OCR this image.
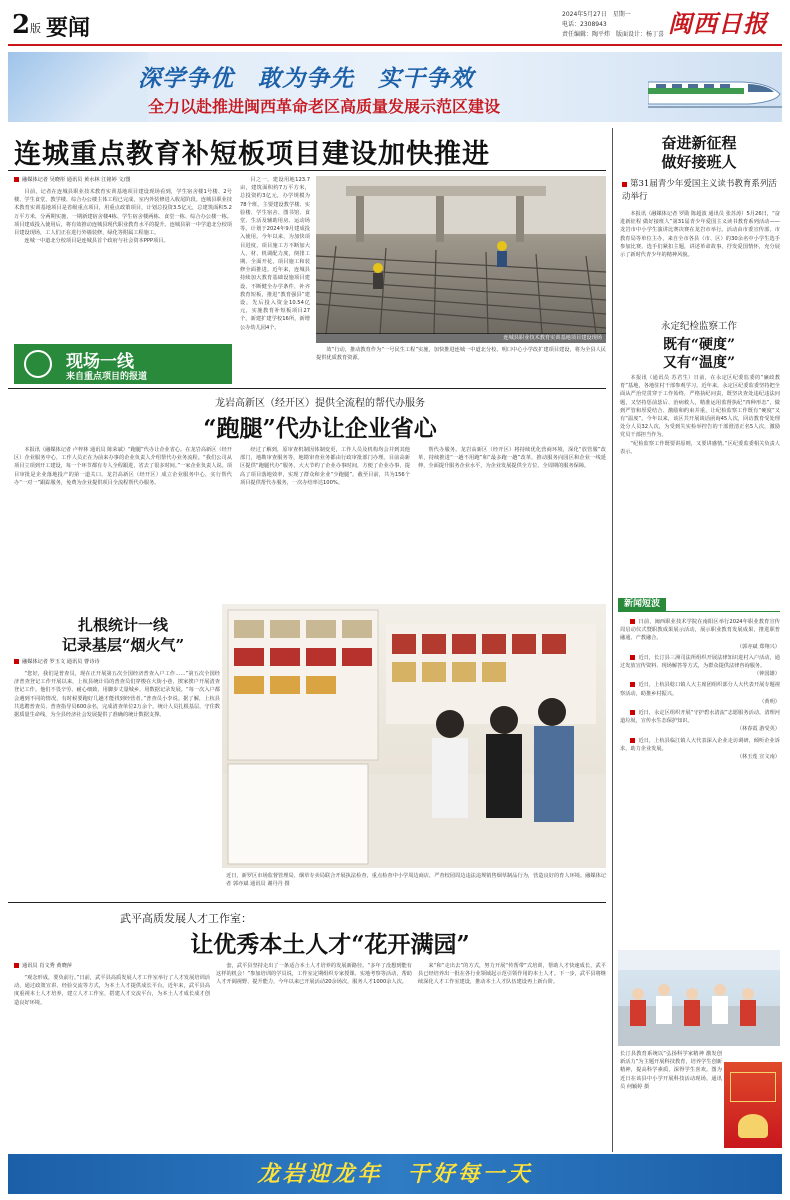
2 版 要闻
2024年5月27日　星期一
电话：2308943
责任编辑：陶平炜　版面设计：杨丁喜 闽西日报
深学争优　敢为争先　实干争效
全力以赴推进闽西革命老区高质量发展示范区建设
连城重点教育补短板项目建设加快推进
融媒体记者 吴晓彤 通讯员 黄水林 江铭婷 文/图

目前，记者在连城县职业技术教育实训基地项目建设现场看到，学生宿舍楼1号楼、2号楼、学生食堂、教学楼、综合办公楼主体工程已完成，室内外装修进入收尾阶段。连城县职业技术教育实训基地项目是省级重点项目，用重点政策项目，计划总投资3.5亿元，总建筑面积5.2万平方米，分两期实施，一期新建宿舍楼4栋、学生宿舍楼两栋、食堂一栋、综合办公楼一栋。项目建成投入使用后，将有效推动连城县现代职业教育水平的提升。连城县第一中学道北分校项目建设现场，工人们正在进行外墙装修，绿化等附属工程施工。

连城一中道北分校项目是连城县首个政府与社会资本PPP项目。

目之一，建设用地123.7亩，建筑面积约7万平方米，总投资约3亿元，办学规模为78个班，主要建设教学楼、实验楼、学生宿舍、图书馆、食堂、生活及辅助用房、运动场等。计划于2024年9月建成投入使用。今年以来，为加快项目进度，项目施工方不断加大人、材、机调配力度，倒排工期、全面开花，项目施工和装修全面推进。近年来，连城县持续加大教育基础设施项目建设，不断健全办学条件，补齐教育短板，推进“教育强县”建设，先后投入资金10.54亿元，实施教育补短板项目27个，新建扩建学校16所，新增公办幼儿园4个。

连城县职业技术教育实训基地项目建设现场

效“行动，推动教育作为“一号民生工程”实施，加快推进连城一中道北分校、明口中心小学改扩建项目建设，将为全县人民提供优质教育资源。

现场一线
来自重点项目的报道
龙岩高新区（经开区）提供全流程的帮代办服务
“跑腿”代办让企业省心

本报讯（融媒体记者 卢梓林 通讯员 陈荣斌）“跑腿”代办让企业省心。在龙岩高新区（经开区）企业服务中心，工作人员正在为前来办事的企业负责人介绍帮代办业务流程。“我们公司从项目立项到开工建设，每一个环节都有专人全程跟进，省去了很多时间。”一家企业负责人说。项目审批是企业落地投产的第一道关口。龙岩高新区（经开区）成立企业服务中心，实行帮代办“一对一”跟踪服务，免费为企业提供项目全流程帮代办服务。

经过了解到，原审查机制因体制变更，工作人员及机构均会并到其他部门，地勘审查服务等，地勘审查业务都由行政审批部门办理。目前高新区提供“跑腿代办”服务，大大节约了企业办事时间，方便了企业办事，提高了项目落地效率，实现了群众和企业“少跑腿”。截至目前，共为156个项目提供帮代办服务，一次办结率达100%。

帮代办服务。龙岩高新区（经开区）将持续优化营商环境，深化“放管服”改革，持续推进“一趟不用跑”和“最多跑一趟”改革，推动服务向园区和企业一线延伸，全面提升服务企业水平，为企业发展提供全方位、全周期的服务保障。

扎根统计一线
记录基层“烟火气”
融媒体记者 罗玉文 通讯员 曹诗诗

“您好，我们是普查员，现在正开展第五次全国经济普查入户工作……”第五次全国经济普查登记工作开展以来，上杭县统计局的普查员们穿梭在大街小巷，挨家挨户开展清查登记工作。他们不畏辛劳、耐心细致，用脚步丈量城乡，用数据记录发展。“每一次入户都会遇到不同的情况，有时候要跑好几趟才能找到经营者。”普查员小李说。据了解，上杭县共选聘普查员、普查指导员600余名，完成清查单位2万余个。统计人员扎根基层，守住数据质量生命线，为全县经济社会发展提供了准确的统计数据支撑。

近日，新罗区市场监督管理局、烟草专卖局联合开展执法检查，重点检查中小学周边商店，严查校园周边违法违规销售烟草制品行为，营造良好的育人环境。融媒体记者 郭亦斌 通讯员 谢丹丹 摄
武平高质发展人才工作室：
让优秀本土人才“花开满园”
通讯员 肖文秀 黄晓萍

“观念形成，要负前行。”日前，武平县高质发展人才工作室举行了人才发展培训活动，通过政策宣讲、经验交流等方式，为本土人才提供成长平台。近年来，武平县高度重视本土人才培养，建立人才工作室，搭建人才交流平台，为本土人才成长成才创造良好环境。

套，武平县坚持走出了一条适合本土人才培养的发展新路径。“多年了没想到能有这样的机会！”参加培训的学员说，工作室定期组织专家授课、实地考察等活动，帮助人才开阔视野、提升能力，今年以来已开展活动20余场次，服务人才1000余人次。

来“和”走出去”的方式，努力开展“传帮带”式培训，帮助人才快速成长，武平县已经培养出一批在各行业领域起示范引领作用的本土人才。下一步，武平县将继续深化人才工作室建设，推动本土人才队伍建设再上新台阶。

奋进新征程
做好接班人
第31届青少年爱国主义读书教育系列活动举行

本报讯（融媒体记者 罗勋 陈超波 通讯员 张苏涛）5月26日，“奋进新征程 做好接班人”第31届青少年爱国主义读书教育系列活动——龙岩市中小学生演讲比赛决赛在龙岩市举行。活动由市委宣传部、市教育局等单位主办，来自全市各县（市、区）的30余名中小学生选手参加比赛。选手们紧扣主题，讲述革命故事，抒发爱国情怀，充分展示了新时代青少年的精神风貌。

永定纪检监察工作
既有“硬度”
又有“温度”

本报讯（通讯员 苏君生）日前，在永定区纪委监委的“廉政教育”基地，各地驻村干部参观学习。近年来，永定区纪委监委坚持把全面从严治党贯穿于工作始终，严格执纪问责，既坚决查处违纪违法问题，又坚持惩前毖后、治病救人，精准运用监督执纪“四种形态”，做到严管和厚爱结合、激励和约束并重，让纪检监察工作既有“硬度”又有“温度”。今年以来，该区共开展谈话函询45人次，回访教育受处理处分人员32人次，为受到失实检举控告的干部澄清正名5人次，激励党员干部担当作为。

“纪检监察工作既要讲原则，又要讲感情。”区纪委监委相关负责人表示。

新闻短波

日前，闽西职业技术学院在南阳区举行2024年职业教育宣传周启动仪式暨职教成果展示活动，展示职业教育发展成果，推进职普融通、产教融合。
（郭亦斌 郑翔兴）

近日，长汀县三洲司法所组织开展法律知识进村入户活动，通过发放宣传资料、现场解答等方式，为群众提供法律咨询服务。
（钟国雄）

近日，上杭县稔口镇人大主席团组织部分人大代表开展专题视察活动，助推乡村振兴。
（黄明）

近日，永定区组织开展“守护碧水清流”志愿服务活动，清理河道垃圾，宣传水生态保护知识。
（林春霞 游受英）

近日，上杭县临江镇人大代表深入企业走访调研，倾听企业诉求，助力企业发展。
（林玉莲 宣文南）

长汀县教育系统以“弘扬科学家精神 激发创新活力”为主题开展科技教育，培养学生创新精神，提高科学素质，深得学生喜欢。图为近日在该县中小学开展科技活动现场。通讯员 何颖婷 摄
龙岩迎龙年　干好每一天
